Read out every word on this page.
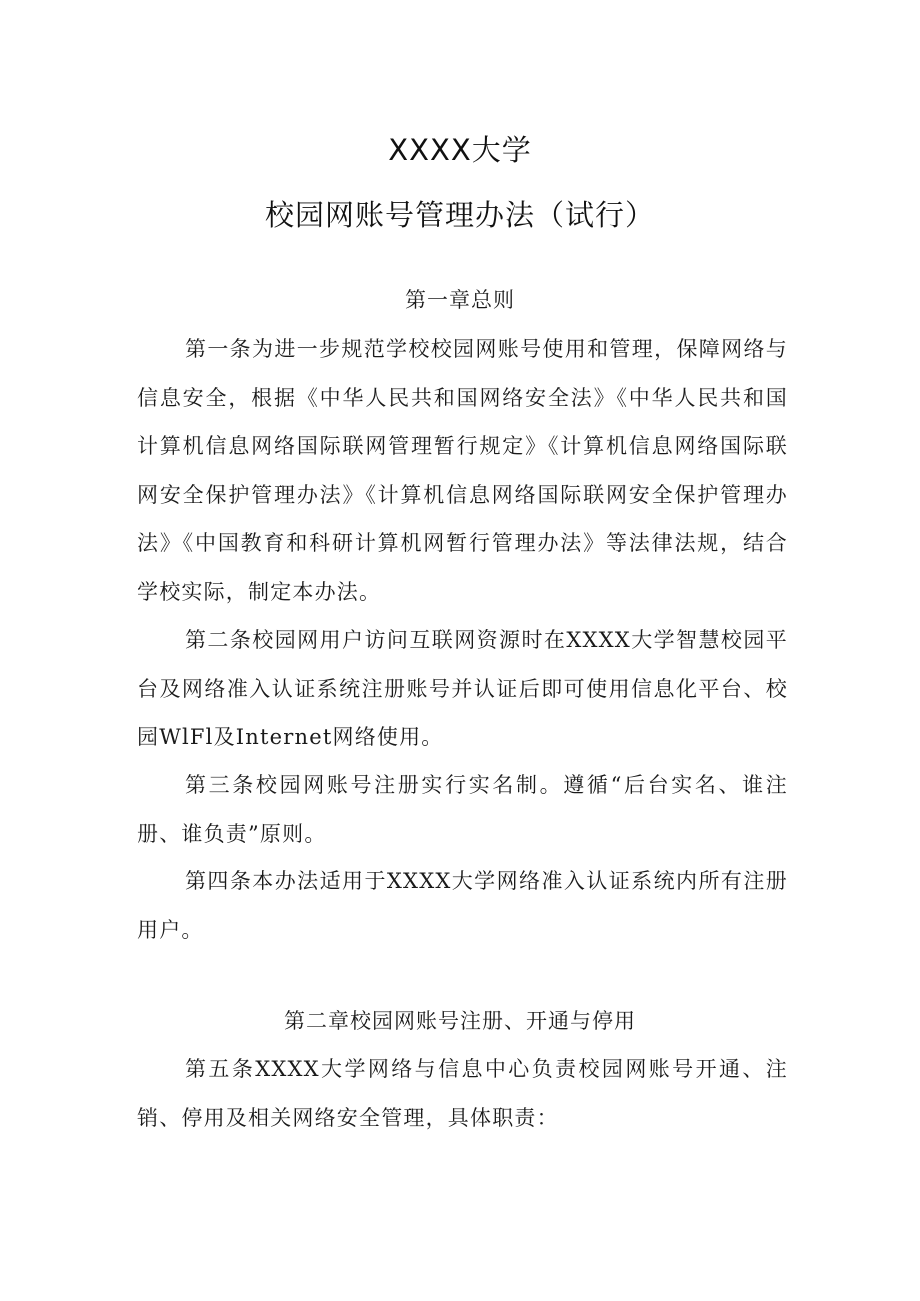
XXXX大学
校园网账号管理办法（试行）
第一章总则

第一条为进一步规范学校校园网账号使用和管理，保障网络与信息安全，根据《中华人民共和国网络安全法》《中华人民共和国计算机信息网络国际联网管理暂行规定》《计算机信息网络国际联网安全保护管理办法》《计算机信息网络国际联网安全保护管理办法》《中国教育和科研计算机网暂行管理办法》等法律法规，结合学校实际，制定本办法。

第二条校园网用户访问互联网资源时在XXXX大学智慧校园平台及网络准入认证系统注册账号并认证后即可使用信息化平台、校园WlFl及Internet网络使用。

第三条校园网账号注册实行实名制。遵循“后台实名、谁注册、谁负责”原则。

第四条本办法适用于XXXX大学网络准入认证系统内所有注册用户。

第二章校园网账号注册、开通与停用

第五条XXXX大学网络与信息中心负责校园网账号开通、注销、停用及相关网络安全管理，具体职责：
